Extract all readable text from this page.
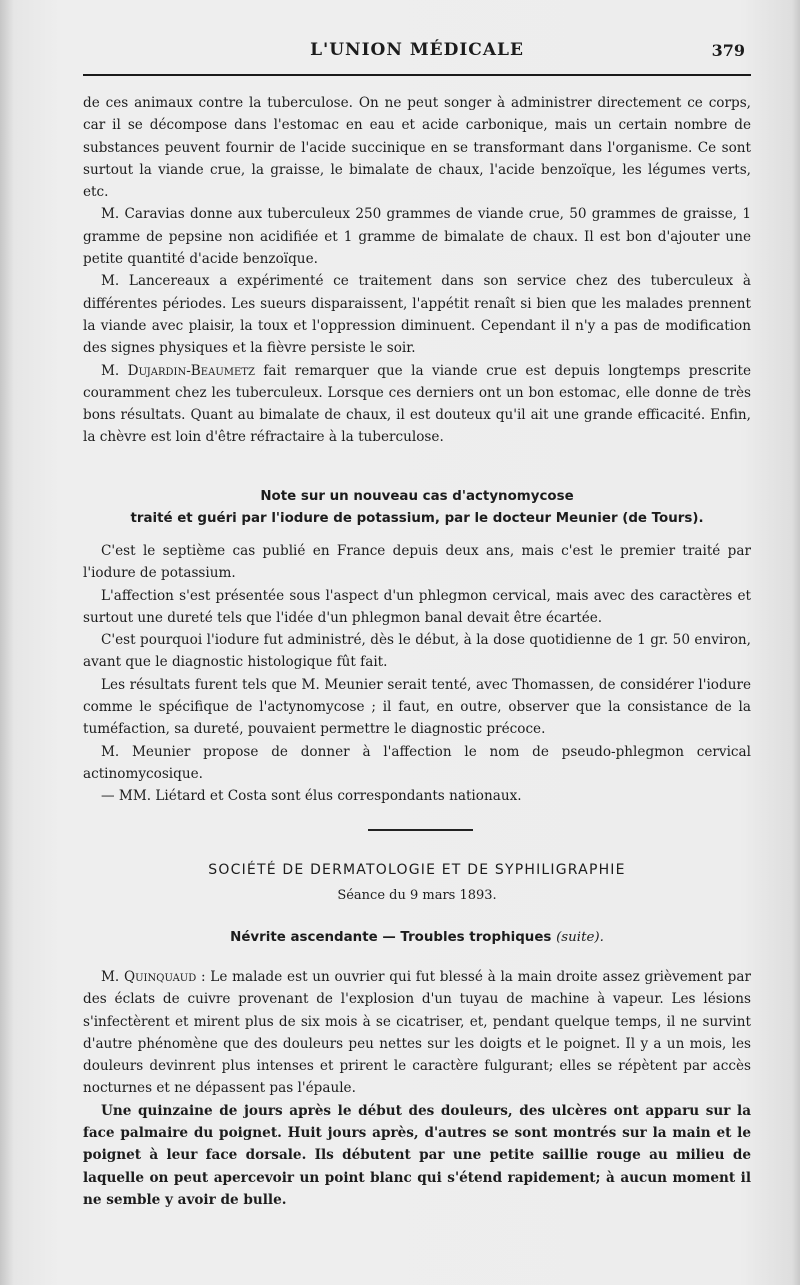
L'UNION MÉDICALE	379

de ces animaux contre la tuberculose. On ne peut songer à administrer directement ce corps, car il se décompose dans l'estomac en eau et acide carbonique, mais un certain nombre de substances peuvent fournir de l'acide succinique en se transformant dans l'organisme. Ce sont surtout la viande crue, la graisse, le bimalate de chaux, l'acide benzoïque, les légumes verts, etc.

M. Caravias donne aux tuberculeux 250 grammes de viande crue, 50 grammes de graisse, 1 gramme de pepsine non acidifiée et 1 gramme de bimalate de chaux. Il est bon d'ajouter une petite quantité d'acide benzoïque.

M. Lancereaux a expérimenté ce traitement dans son service chez des tuberculeux à différentes périodes. Les sueurs disparaissent, l'appétit renaît si bien que les malades prennent la viande avec plaisir, la toux et l'oppression diminuent. Cependant il n'y a pas de modification des signes physiques et la fièvre persiste le soir.

M. Dujardin-Beaumetz fait remarquer que la viande crue est depuis longtemps prescrite couramment chez les tuberculeux. Lorsque ces derniers ont un bon estomac, elle donne de très bons résultats. Quant au bimalate de chaux, il est douteux qu'il ait une grande efficacité. Enfin, la chèvre est loin d'être réfractaire à la tuberculose.

Note sur un nouveau cas d'actynomycose
traité et guéri par l'iodure de potassium, par le docteur Meunier (de Tours).

C'est le septième cas publié en France depuis deux ans, mais c'est le premier traité par l'iodure de potassium.

L'affection s'est présentée sous l'aspect d'un phlegmon cervical, mais avec des caractères et surtout une dureté tels que l'idée d'un phlegmon banal devait être écartée.

C'est pourquoi l'iodure fut administré, dès le début, à la dose quotidienne de 1 gr. 50 environ, avant que le diagnostic histologique fût fait.

Les résultats furent tels que M. Meunier serait tenté, avec Thomassen, de considérer l'iodure comme le spécifique de l'actynomycose ; il faut, en outre, observer que la consistance de la tuméfaction, sa dureté, pouvaient permettre le diagnostic précoce.

M. Meunier propose de donner à l'affection le nom de pseudo-phlegmon cervical actinomycosique.

— MM. Liétard et Costa sont élus correspondants nationaux.

SOCIÉTÉ DE DERMATOLOGIE ET DE SYPHILIGRAPHIE
Séance du 9 mars 1893.
Névrite ascendante — Troubles trophiques (suite).

M. Quinquaud : Le malade est un ouvrier qui fut blessé à la main droite assez grièvement par des éclats de cuivre provenant de l'explosion d'un tuyau de machine à vapeur. Les lésions s'infectèrent et mirent plus de six mois à se cicatriser, et, pendant quelque temps, il ne survint d'autre phénomène que des douleurs peu nettes sur les doigts et le poignet. Il y a un mois, les douleurs devinrent plus intenses et prirent le caractère fulgurant; elles se répètent par accès nocturnes et ne dépassent pas l'épaule.

Une quinzaine de jours après le début des douleurs, des ulcères ont apparu sur la face palmaire du poignet. Huit jours après, d'autres se sont montrés sur la main et le poignet à leur face dorsale. Ils débutent par une petite saillie rouge au milieu de laquelle on peut apercevoir un point blanc qui s'étend rapidement; à aucun moment il ne semble y avoir de bulle.
